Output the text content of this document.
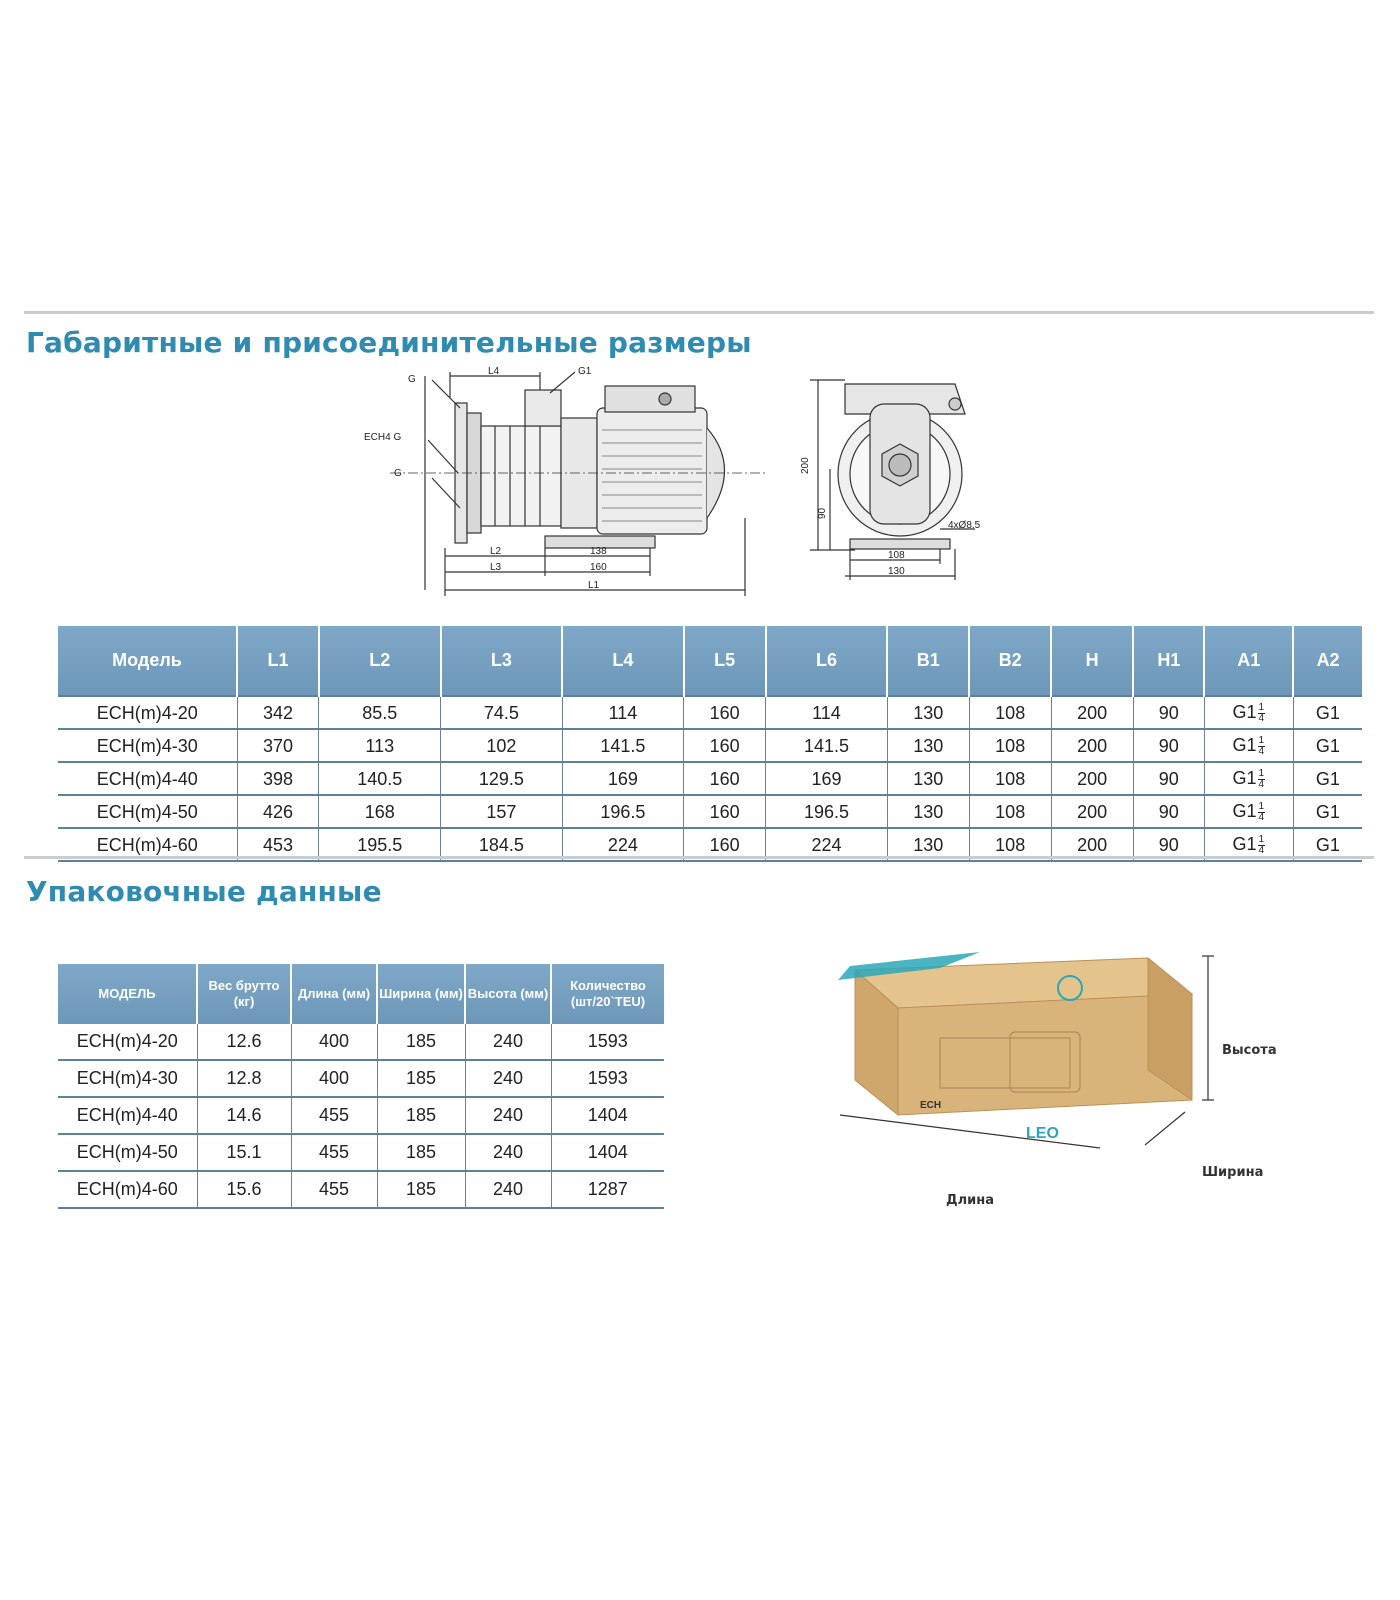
Габаритные и присоединительные размеры
G
L4	G1
ECH4 G
G
L2	138
L3	160
L1
200
90
4xØ8.5
108
130
Модель	L1	L2	L3	L4	L5	L6	B1	B2	H	H1	A1	A2
ECH(m)4-20	342	85.5	74.5	114	160	114	130	108	200	90	$G1 \frac{1}{4}$	G1
ECH(m)4-30	370	113	102	141.5	160	141.5	130	108	200	90	$G1 \frac{1}{4}$	G1
ECH(m)4-40	398	140.5	129.5	169	160	169	130	108	200	90	$G1 \frac{1}{4}$	G1
ECH(m)4-50	426	168	157	196.5	160	196.5	130	108	200	90	$G1 \frac{1}{4}$	G1
ECH(m)4-60	453	195.5	184.5	224	160	224	130	108	200	90	$G1 \frac{1}{4}$	G1
Упаковочные данные
МОДЕЛЬ	Вес брутто (кг)	Длина (мм)	Ширина (мм)	Высота (мм)	Количество (шт/20`TEU)
ECH(m)4-20	12.6	400	185	240	1593
ECH(m)4-30	12.8	400	185	240	1593
ECH(m)4-40	14.6	455	185	240	1404
ECH(m)4-50	15.1	455	185	240	1404
ECH(m)4-60	15.6	455	185	240	1287
ECH
LEO
Высота
Ширина
Длина
